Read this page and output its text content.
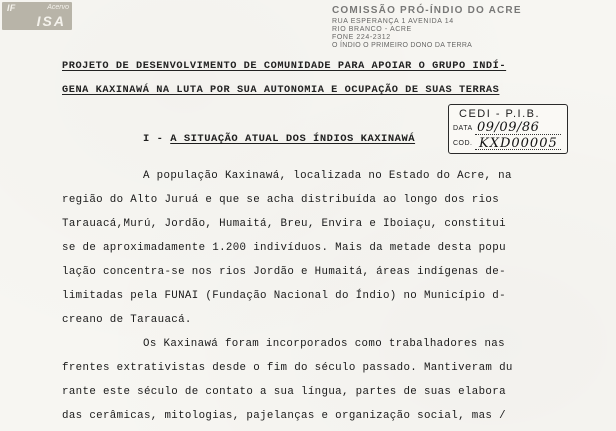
IF	Acervo
ISA
COMISSÃO PRÓ-ÍNDIO DO ACRE
RUA ESPERANÇA 1 AVENIDA 14
RIO BRANCO - ACRE
FONE 224-2312
O ÍNDIO O PRIMEIRO DONO DA TERRA
PROJETO DE DESENVOLVIMENTO DE COMUNIDADE PARA APOIAR O GRUPO INDÍ-
GENA KAXINAWÁ NA LUTA POR SUA AUTONOMIA E OCUPAÇÃO DE SUAS TERRAS
CEDI - P.I.B.
DATA 09/09/86
COD. KXD00005
I - A SITUAÇÃO ATUAL DOS ÍNDIOS KAXINAWÁ
A população Kaxinawá, localizada no Estado do Acre, na
região do Alto Juruá e que se acha distribuída ao longo dos rios
Tarauacá,Murú, Jordão, Humaitá, Breu, Envira e Iboiaçu, constitui
se de aproximadamente 1.200 indivíduos. Mais da metade desta popu
lação concentra-se nos rios Jordão e Humaitá, áreas indígenas de-
limitadas pela FUNAI (Fundação Nacional do Índio) no Município d-
creano de Tarauacá.
Os Kaxinawá foram incorporados como trabalhadores nas
frentes extrativistas desde o fim do século passado. Mantiveram du
rante este século de contato a sua língua, partes de suas elabora
das cerâmicas, mitologias, pajelanças e organização social, mas /
